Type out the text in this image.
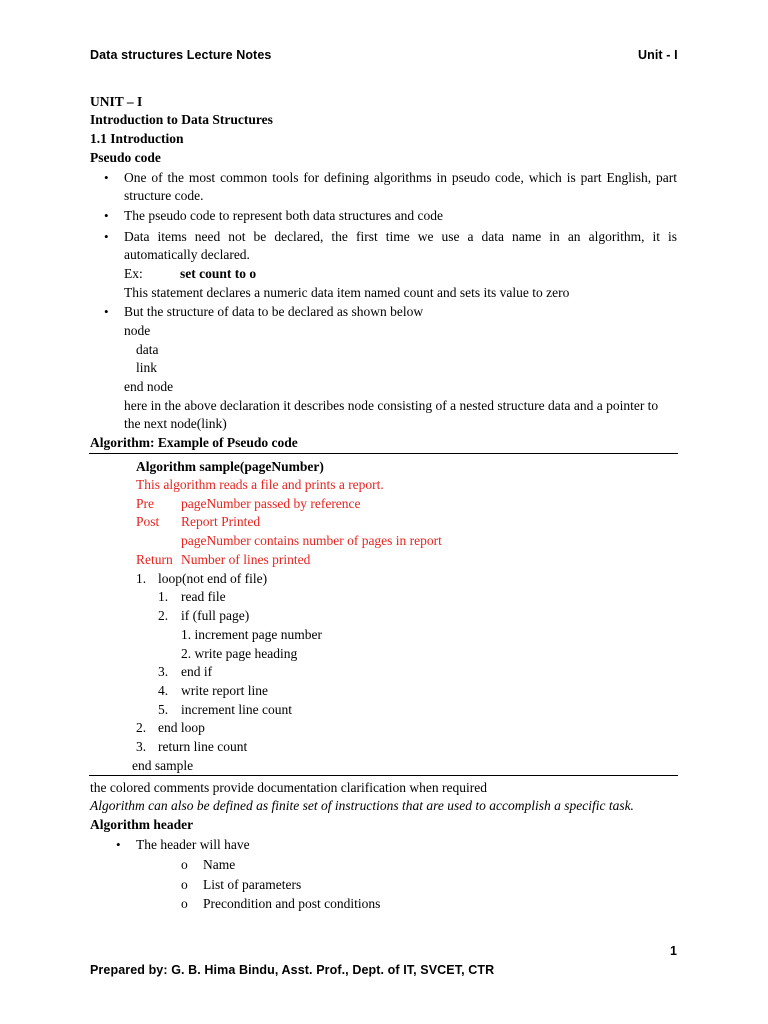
Data structures Lecture Notes	Unit - I
UNIT – I
Introduction to Data Structures
1.1 Introduction
Pseudo code
• One of the most common tools for defining algorithms in pseudo code, which is part English, part
structure code.
• The pseudo code to represent both data structures and code
• Data items need not be declared, the first time we use a data name in an algorithm, it is
automatically declared.
Ex:	set count to o
This statement declares a numeric data item named count and sets its value to zero
• But the structure of data to be declared as shown below
node
data
link
end node
here in the above declaration it describes node consisting of a nested structure data and a pointer to
the next node(link)
Algorithm: Example of Pseudo code
Algorithm sample(pageNumber)
This algorithm reads a file and prints a report.
Pre pageNumber passed by reference
Post Report Printed
pageNumber contains number of pages in report
Return Number of lines printed
1. loop(not end of file)
1. read file
2. if (full page)
1. increment page number
2. write page heading
3. end if
4. write report line
5. increment line count
2. end loop
3. return line count
end sample
the colored comments provide documentation clarification when required
Algorithm can also be defined as finite set of instructions that are used to accomplish a specific task.
Algorithm header
• The header will have
o Name
o List of parameters
o Precondition and post conditions
1
Prepared by: G. B. Hima Bindu, Asst. Prof., Dept. of IT, SVCET, CTR
